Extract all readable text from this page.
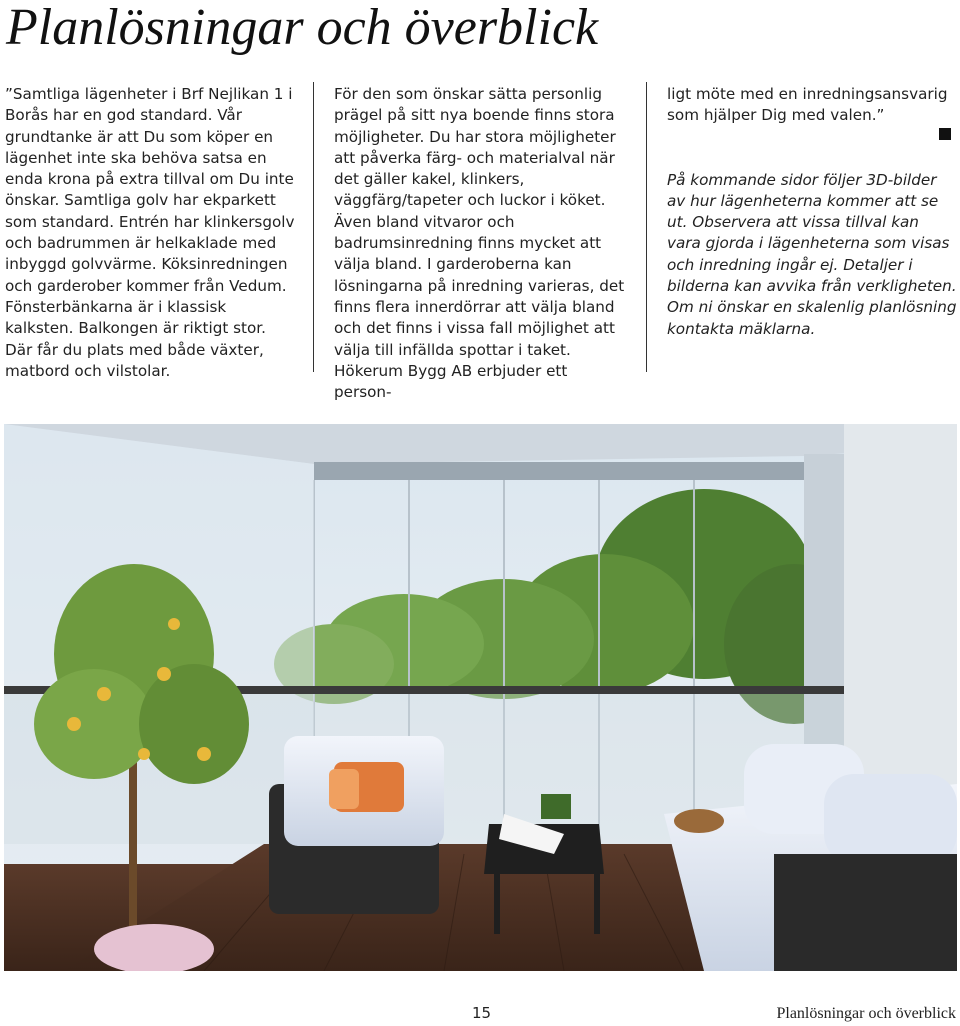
Planlösningar och överblick

”Samtliga lägenheter i Brf Nejlikan 1 i Borås har en god standard. Vår grundtanke är att Du som köper en lägenhet inte ska behöva satsa en enda krona på extra tillval om Du inte önskar. Samtliga golv har ekparkett som standard. Entrén har klinkersgolv och badrummen är helkaklade med inbyggd golvvärme. Köksinredningen och garderober kommer från Vedum. Fönsterbänkarna är i klassisk kalksten. Balkongen är riktigt stor. Där får du plats med både växter, matbord och vilstolar.

För den som önskar sätta personlig prägel på sitt nya boende finns stora möjligheter. Du har stora möjligheter att påverka färg- och materialval när det gäller kakel, klinkers, väggfärg/tapeter och luckor i köket. Även bland vitvaror och badrumsinredning finns mycket att välja bland. I garderoberna kan lösningarna på inredning varieras, det finns flera innerdörrar att välja bland och det finns i vissa fall möjlighet att välja till infällda spottar i taket. Hökerum Bygg AB erbjuder ett person-

ligt möte med en inredningsansvarig som hjälper Dig med valen.”

På kommande sidor följer 3D-bilder av hur lägenheterna kommer att se ut. Observera att vissa tillval kan vara gjorda i lägenheterna som visas och inredning ingår ej. Detaljer i bilderna kan avvika från verkligheten. Om ni önskar en skalenlig planlösning kontakta mäklarna.

15	Planlösningar och överblick
